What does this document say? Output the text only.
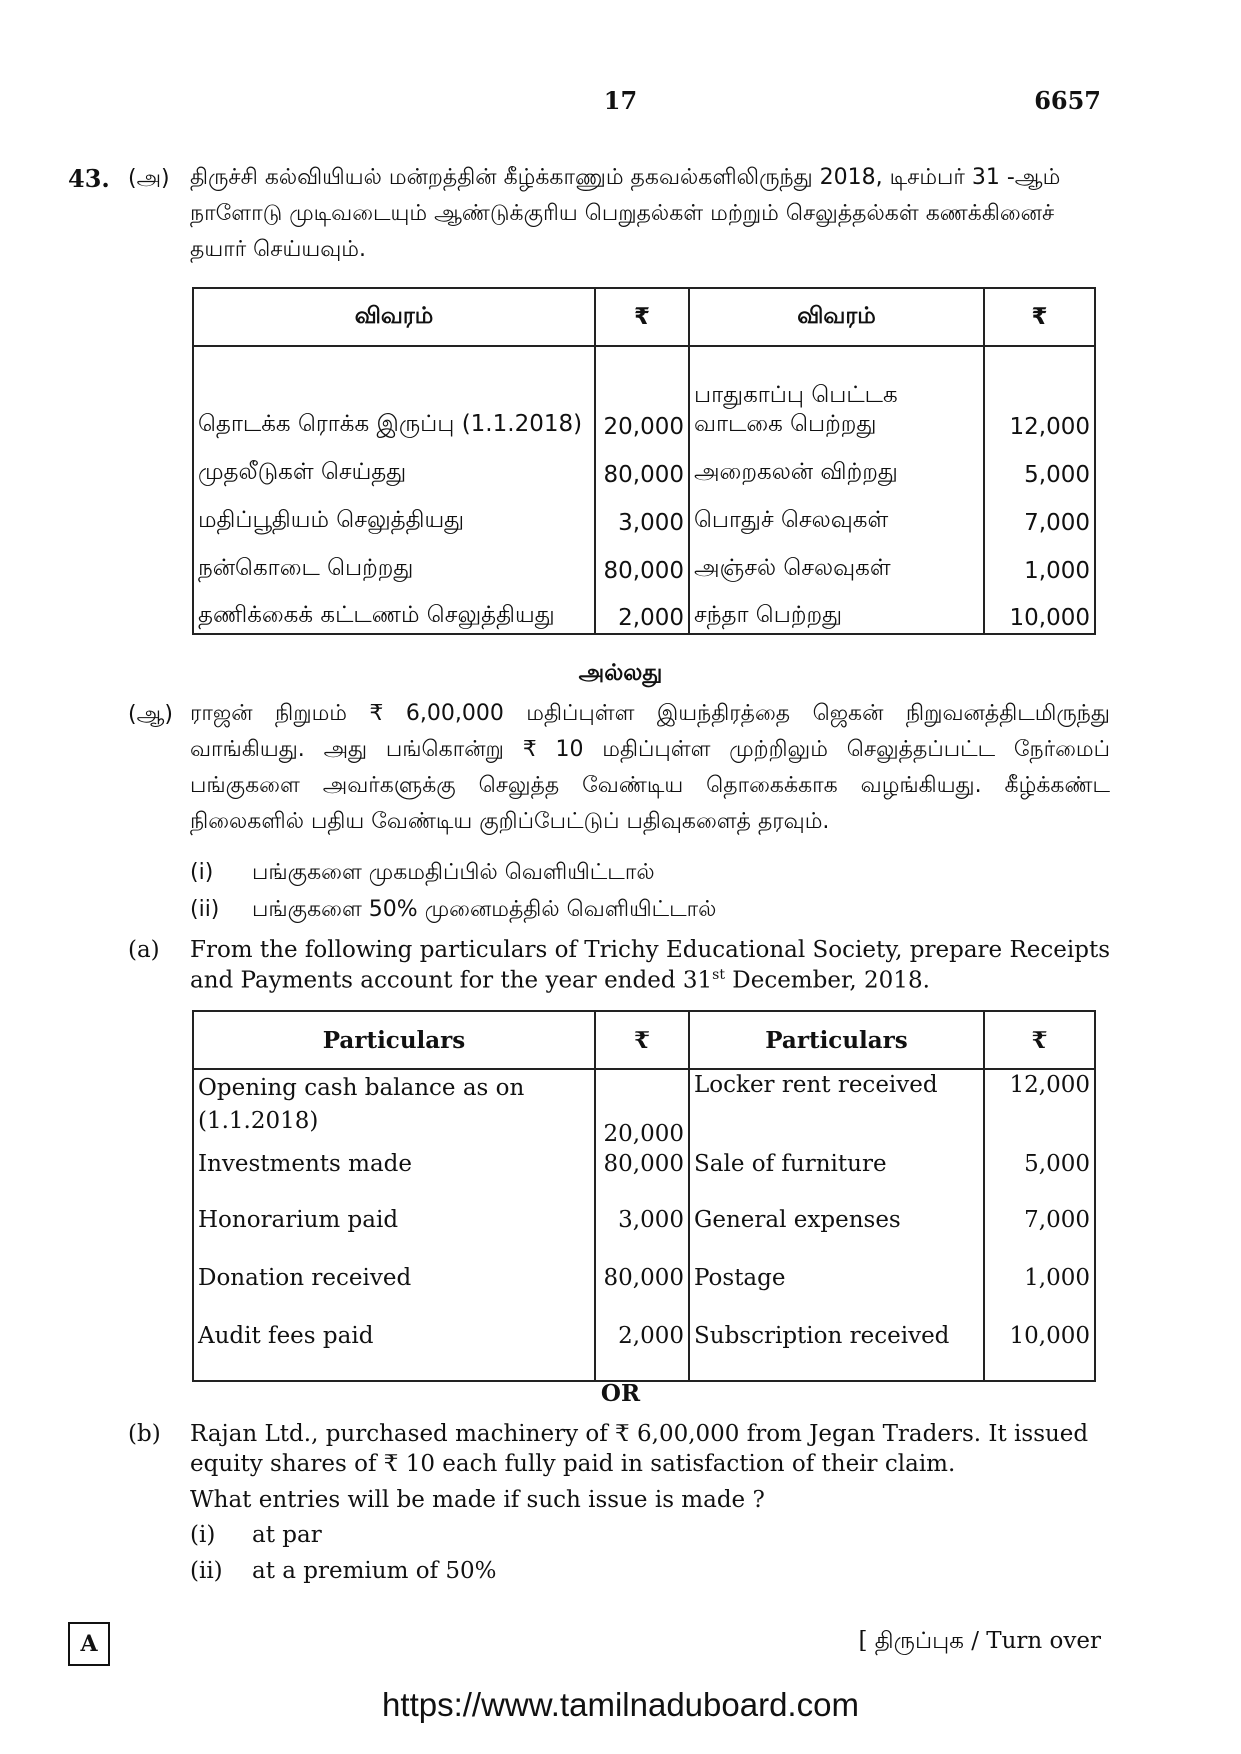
17	6657
43. (அ) திருச்சி கல்வியியல் மன்றத்தின் கீழ்க்காணும் தகவல்களிலிருந்து 2018, டிசம்பர் 31 -ஆம் நாளோடு முடிவடையும் ஆண்டுக்குரிய பெறுதல்கள் மற்றும் செலுத்தல்கள் கணக்கினைச் தயார் செய்யவும்.
விவரம்	₹	விவரம்	₹
தொடக்க ரொக்க இருப்பு (1.1.2018)	20,000	பாதுகாப்பு பெட்டக வாடகை பெற்றது	12,000
முதலீடுகள் செய்தது	80,000	அறைகலன் விற்றது	5,000
மதிப்பூதியம் செலுத்தியது	3,000	பொதுச் செலவுகள்	7,000
நன்கொடை பெற்றது	80,000	அஞ்சல் செலவுகள்	1,000
தணிக்கைக் கட்டணம் செலுத்தியது	2,000	சந்தா பெற்றது	10,000
அல்லது
(ஆ) ராஜன் நிறுமம் ₹ 6,00,000 மதிப்புள்ள இயந்திரத்தை ஜெகன் நிறுவனத்திடமிருந்து வாங்கியது. அது பங்கொன்று ₹ 10 மதிப்புள்ள முற்றிலும் செலுத்தப்பட்ட நேர்மைப் பங்குகளை அவர்களுக்கு செலுத்த வேண்டிய தொகைக்காக வழங்கியது. கீழ்க்கண்ட நிலைகளில் பதிய வேண்டிய குறிப்பேட்டுப் பதிவுகளைத் தரவும்.
(i) பங்குகளை முகமதிப்பில் வெளியிட்டால்
(ii) பங்குகளை 50% முனைமத்தில் வெளியிட்டால்
(a) From the following particulars of Trichy Educational Society, prepare Receipts
and Payments account for the year ended 31st December, 2018.
Particulars	₹	Particulars	₹
Opening cash balance as on (1.1.2018)	20,000	Locker rent received	12,000
Investments made	80,000	Sale of furniture	5,000
Honorarium paid	3,000	General expenses	7,000
Donation received	80,000	Postage	1,000
Audit fees paid	2,000	Subscription received	10,000
OR
(b) Rajan Ltd., purchased machinery of ₹ 6,00,000 from Jegan Traders. It issued
equity shares of ₹ 10 each fully paid in satisfaction of their claim.
What entries will be made if such issue is made ?
(i) at par
(ii) at a premium of 50%
A	[ திருப்புக / Turn over
https://www.tamilnaduboard.com
